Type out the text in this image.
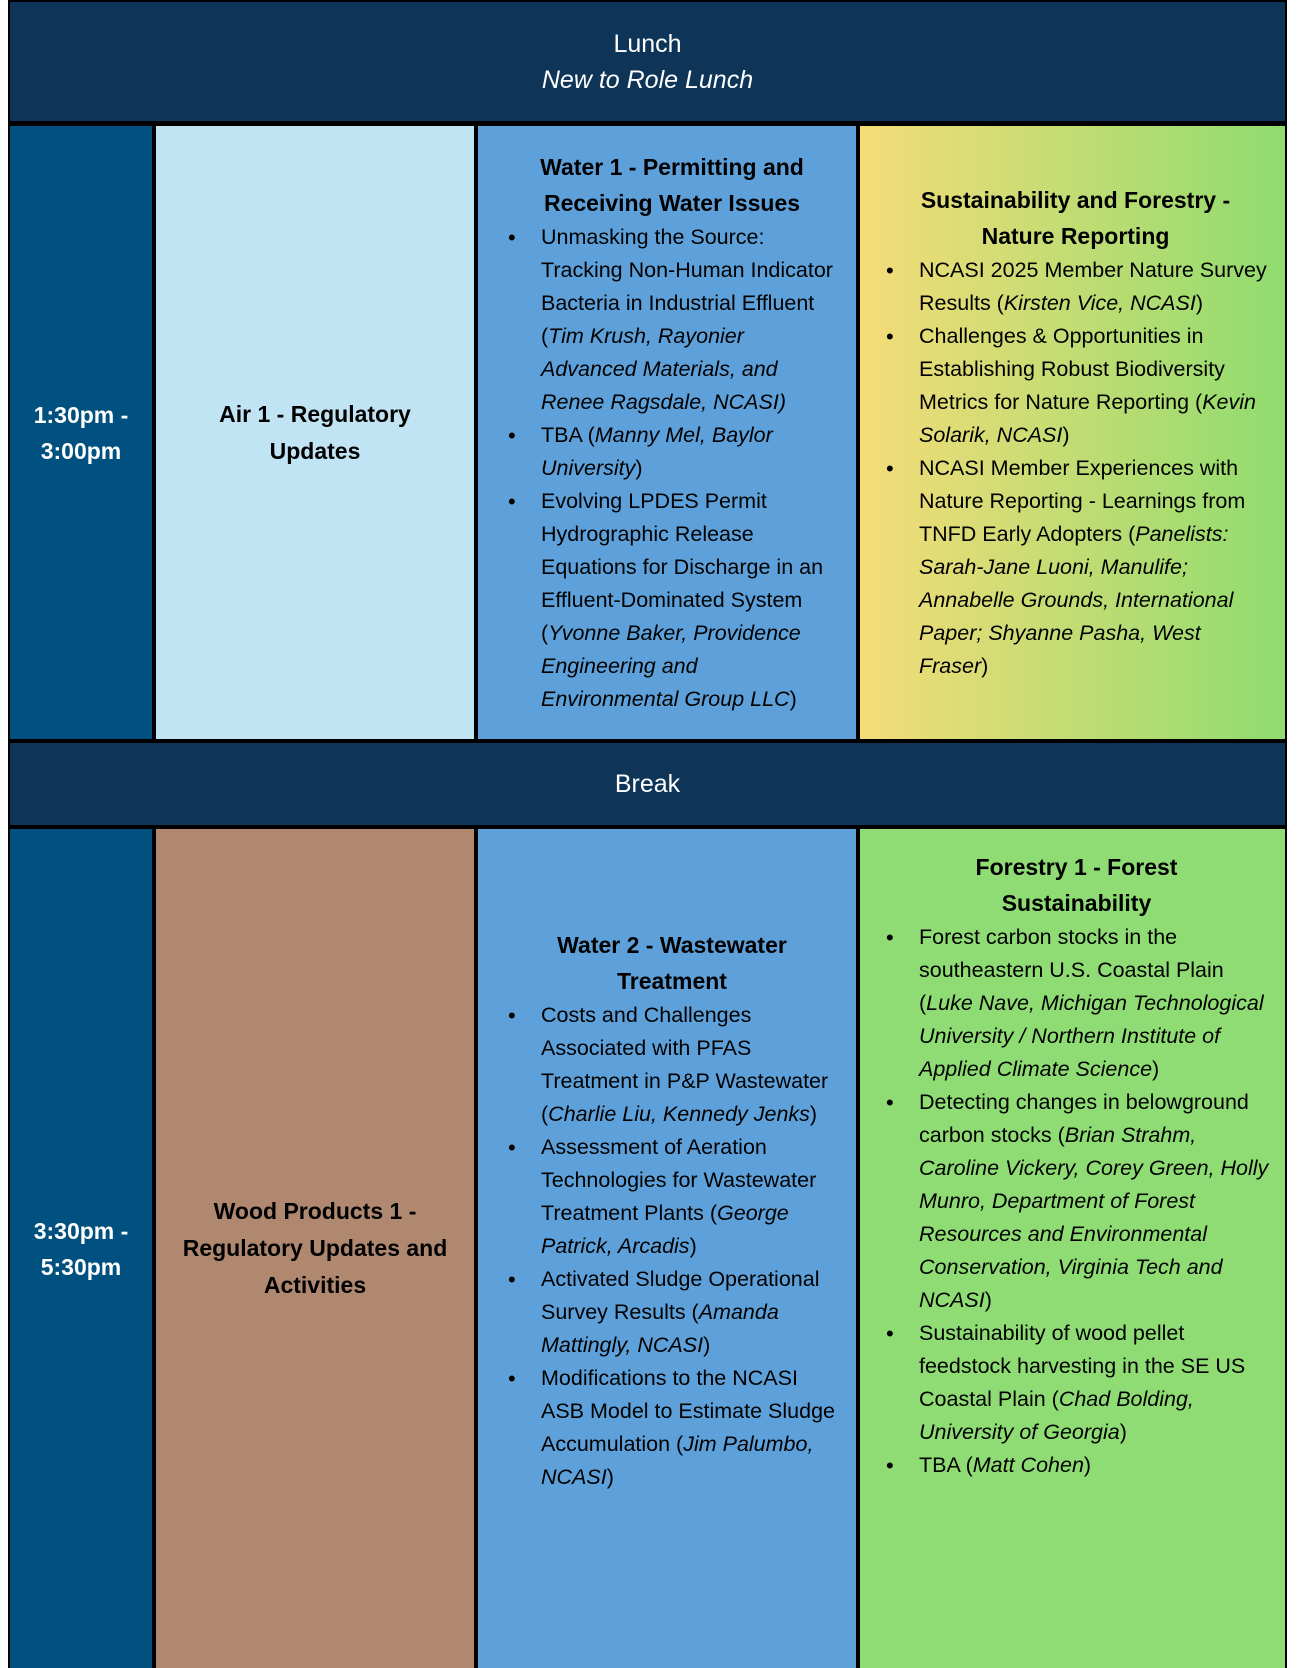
Lunch
New to Role Lunch
1:30pm - 3:00pm
Air 1 - Regulatory Updates
Water 1 - Permitting and Receiving Water Issues
• Unmasking the Source: Tracking Non-Human Indicator Bacteria in Industrial Effluent (Tim Krush, Rayonier Advanced Materials, and Renee Ragsdale, NCASI)
• TBA (Manny Mel, Baylor University)
• Evolving LPDES Permit Hydrographic Release Equations for Discharge in an Effluent-Dominated System (Yvonne Baker, Providence Engineering and Environmental Group LLC)
Sustainability and Forestry - Nature Reporting
• NCASI 2025 Member Nature Survey Results (Kirsten Vice, NCASI)
• Challenges & Opportunities in Establishing Robust Biodiversity Metrics for Nature Reporting (Kevin Solarik, NCASI)
• NCASI Member Experiences with Nature Reporting - Learnings from TNFD Early Adopters (Panelists: Sarah-Jane Luoni, Manulife; Annabelle Grounds, International Paper; Shyanne Pasha, West Fraser)
Break
3:30pm - 5:30pm
Wood Products 1 - Regulatory Updates and Activities
Water 2 - Wastewater Treatment
• Costs and Challenges Associated with PFAS Treatment in P&P Wastewater (Charlie Liu, Kennedy Jenks)
• Assessment of Aeration Technologies for Wastewater Treatment Plants (George Patrick, Arcadis)
• Activated Sludge Operational Survey Results (Amanda Mattingly, NCASI)
• Modifications to the NCASI ASB Model to Estimate Sludge Accumulation (Jim Palumbo, NCASI)
Forestry 1 - Forest Sustainability
• Forest carbon stocks in the southeastern U.S. Coastal Plain (Luke Nave, Michigan Technological University / Northern Institute of Applied Climate Science)
• Detecting changes in belowground carbon stocks (Brian Strahm, Caroline Vickery, Corey Green, Holly Munro, Department of Forest Resources and Environmental Conservation, Virginia Tech and NCASI)
• Sustainability of wood pellet feedstock harvesting in the SE US Coastal Plain (Chad Bolding, University of Georgia)
• TBA (Matt Cohen)
